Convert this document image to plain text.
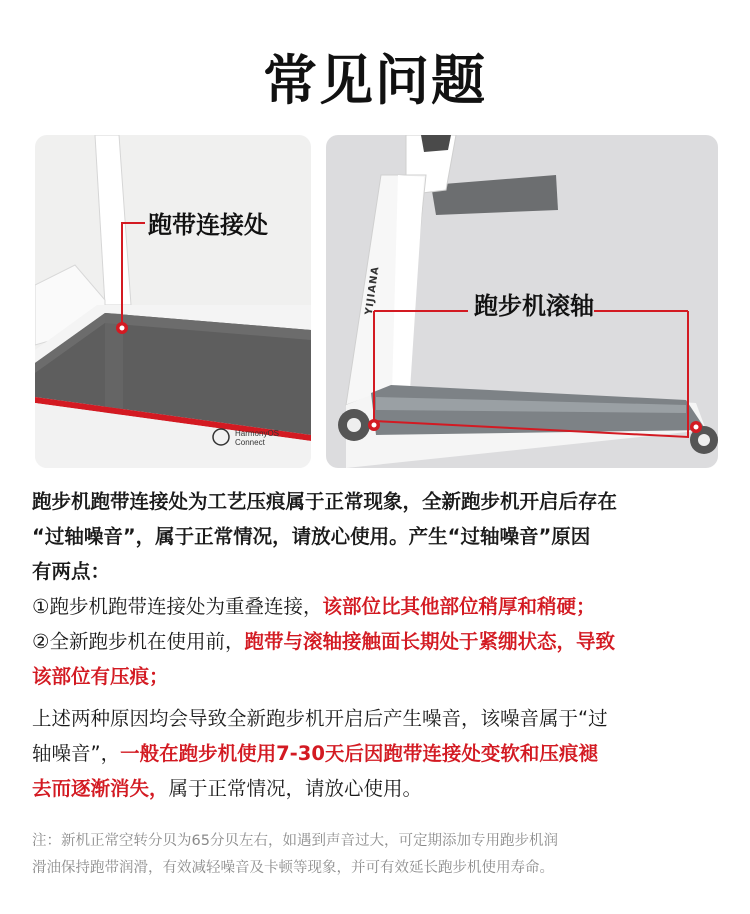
常见问题
HarmonyOS Connect
跑带连接处
YIJIANA	跑步机滚轴
跑步机跑带连接处为工艺压痕属于正常现象，全新跑步机开启后存在
“过轴噪音”，属于正常情况，请放心使用。产生“过轴噪音”原因
有两点：
①跑步机跑带连接处为重叠连接，该部位比其他部位稍厚和稍硬；
②全新跑步机在使用前，跑带与滚轴接触面长期处于紧绷状态，导致
该部位有压痕；
上述两种原因均会导致全新跑步机开启后产生噪音，该噪音属于“过
轴噪音”，一般在跑步机使用7-30天后因跑带连接处变软和压痕褪
去而逐渐消失，属于正常情况，请放心使用。
注：新机正常空转分贝为65分贝左右，如遇到声音过大，可定期添加专用跑步机润
滑油保持跑带润滑，有效减轻噪音及卡顿等现象，并可有效延长跑步机使用寿命。
